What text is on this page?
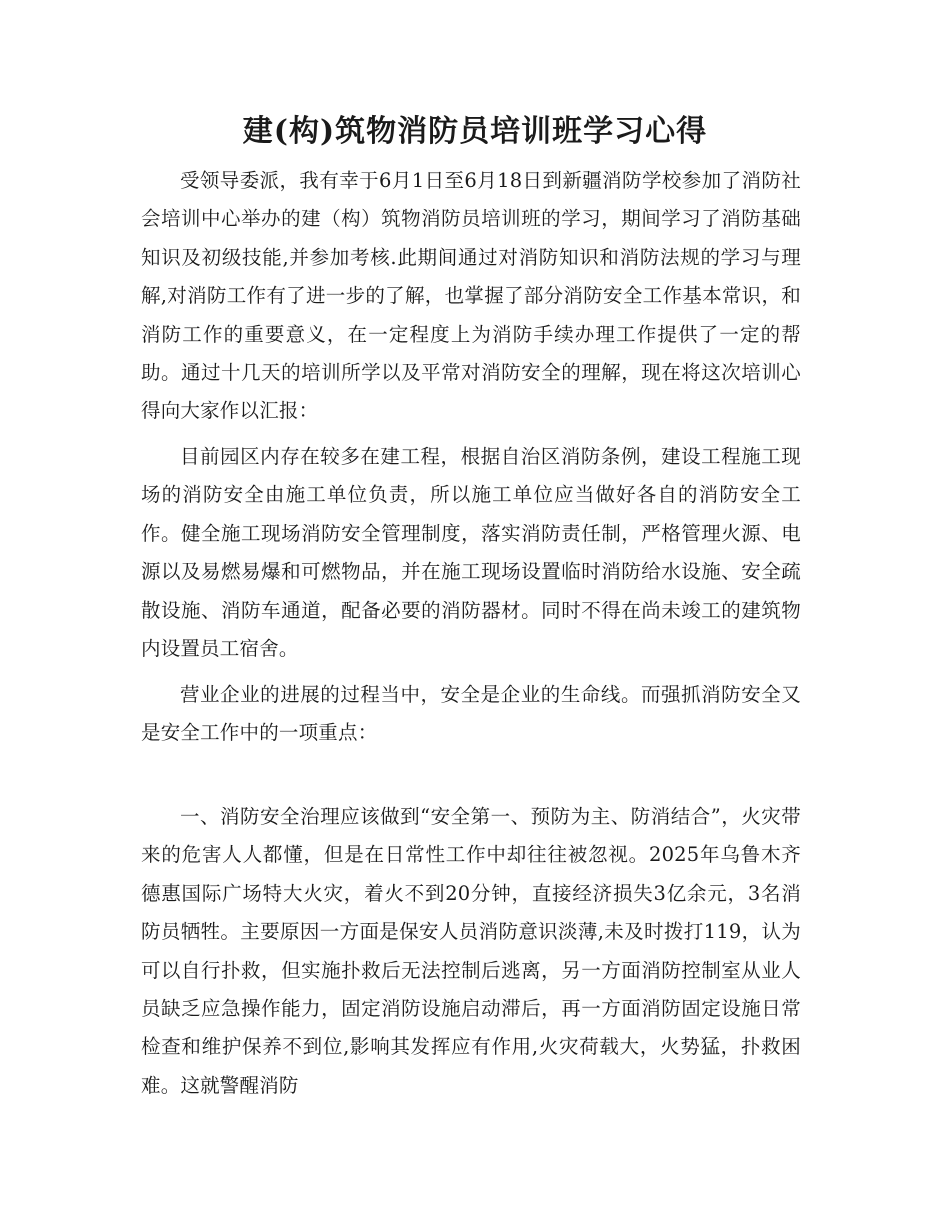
建(构)筑物消防员培训班学习心得

受领导委派，我有幸于6月1日至6月18日到新疆消防学校参加了消防社会培训中心举办的建（构）筑物消防员培训班的学习，期间学习了消防基础知识及初级技能,并参加考核.此期间通过对消防知识和消防法规的学习与理解,对消防工作有了进一步的了解，也掌握了部分消防安全工作基本常识，和消防工作的重要意义，在一定程度上为消防手续办理工作提供了一定的帮助。通过十几天的培训所学以及平常对消防安全的理解，现在将这次培训心得向大家作以汇报：

目前园区内存在较多在建工程，根据自治区消防条例，建设工程施工现场的消防安全由施工单位负责，所以施工单位应当做好各自的消防安全工作。健全施工现场消防安全管理制度，落实消防责任制，严格管理火源、电源以及易燃易爆和可燃物品，并在施工现场设置临时消防给水设施、安全疏散设施、消防车通道，配备必要的消防器材。同时不得在尚未竣工的建筑物内设置员工宿舍。

营业企业的进展的过程当中，安全是企业的生命线。而强抓消防安全又是安全工作中的一项重点：

一、消防安全治理应该做到“安全第一、预防为主、防消结合”，火灾带来的危害人人都懂，但是在日常性工作中却往往被忽视。2025年乌鲁木齐德惠国际广场特大火灾，着火不到20分钟，直接经济损失3亿余元，3名消防员牺牲。主要原因一方面是保安人员消防意识淡薄,未及时拨打119，认为可以自行扑救，但实施扑救后无法控制后逃离，另一方面消防控制室从业人员缺乏应急操作能力，固定消防设施启动滞后，再一方面消防固定设施日常检查和维护保养不到位,影响其发挥应有作用,火灾荷载大，火势猛，扑救困难。这就警醒消防
